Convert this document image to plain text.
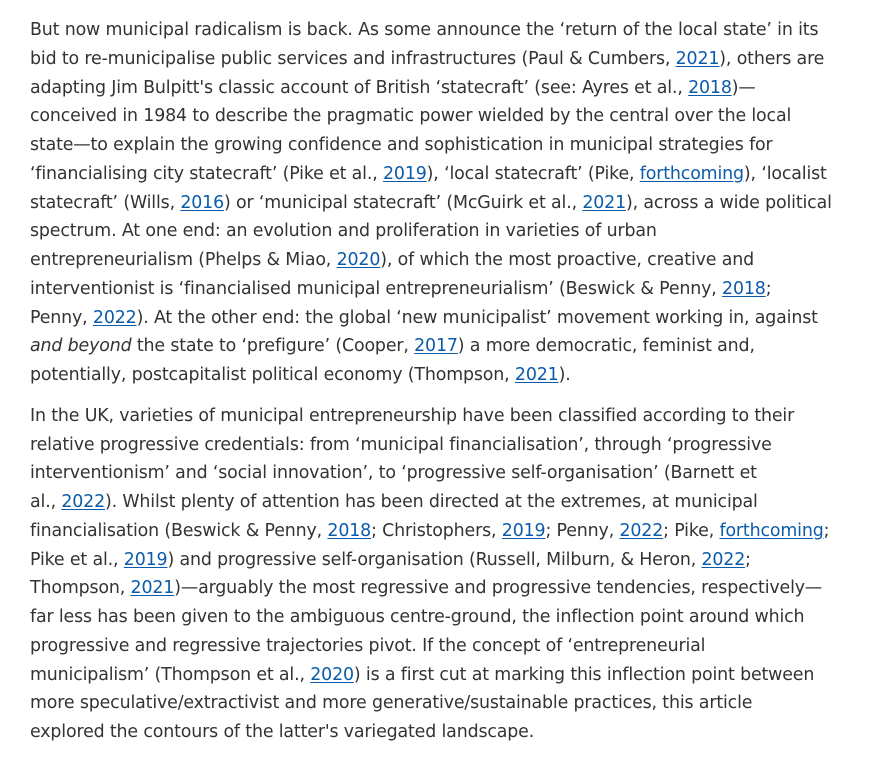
But now municipal radicalism is back. As some announce the ‘return of the local state’ in its
bid to re-municipalise public services and infrastructures (Paul & Cumbers, 2021), others are
adapting Jim Bulpitt's classic account of British ‘statecraft’ (see: Ayres et al., 2018)—
conceived in 1984 to describe the pragmatic power wielded by the central over the local
state—to explain the growing confidence and sophistication in municipal strategies for
‘financialising city statecraft’ (Pike et al., 2019), ‘local statecraft’ (Pike, forthcoming), ‘localist
statecraft’ (Wills, 2016) or ‘municipal statecraft’ (McGuirk et al., 2021), across a wide political
spectrum. At one end: an evolution and proliferation in varieties of urban
entrepreneurialism (Phelps & Miao, 2020), of which the most proactive, creative and
interventionist is ‘financialised municipal entrepreneurialism’ (Beswick & Penny, 2018;
Penny, 2022). At the other end: the global ‘new municipalist’ movement working in, against
and beyond the state to ‘prefigure’ (Cooper, 2017) a more democratic, feminist and,
potentially, postcapitalist political economy (Thompson, 2021).
In the UK, varieties of municipal entrepreneurship have been classified according to their
relative progressive credentials: from ‘municipal financialisation’, through ‘progressive
interventionism’ and ‘social innovation’, to ‘progressive self-organisation’ (Barnett et
al., 2022). Whilst plenty of attention has been directed at the extremes, at municipal
financialisation (Beswick & Penny, 2018; Christophers, 2019; Penny, 2022; Pike, forthcoming;
Pike et al., 2019) and progressive self-organisation (Russell, Milburn, & Heron, 2022;
Thompson, 2021)—arguably the most regressive and progressive tendencies, respectively—
far less has been given to the ambiguous centre-ground, the inflection point around which
progressive and regressive trajectories pivot. If the concept of ‘entrepreneurial
municipalism’ (Thompson et al., 2020) is a first cut at marking this inflection point between
more speculative/extractivist and more generative/sustainable practices, this article
explored the contours of the latter's variegated landscape.
